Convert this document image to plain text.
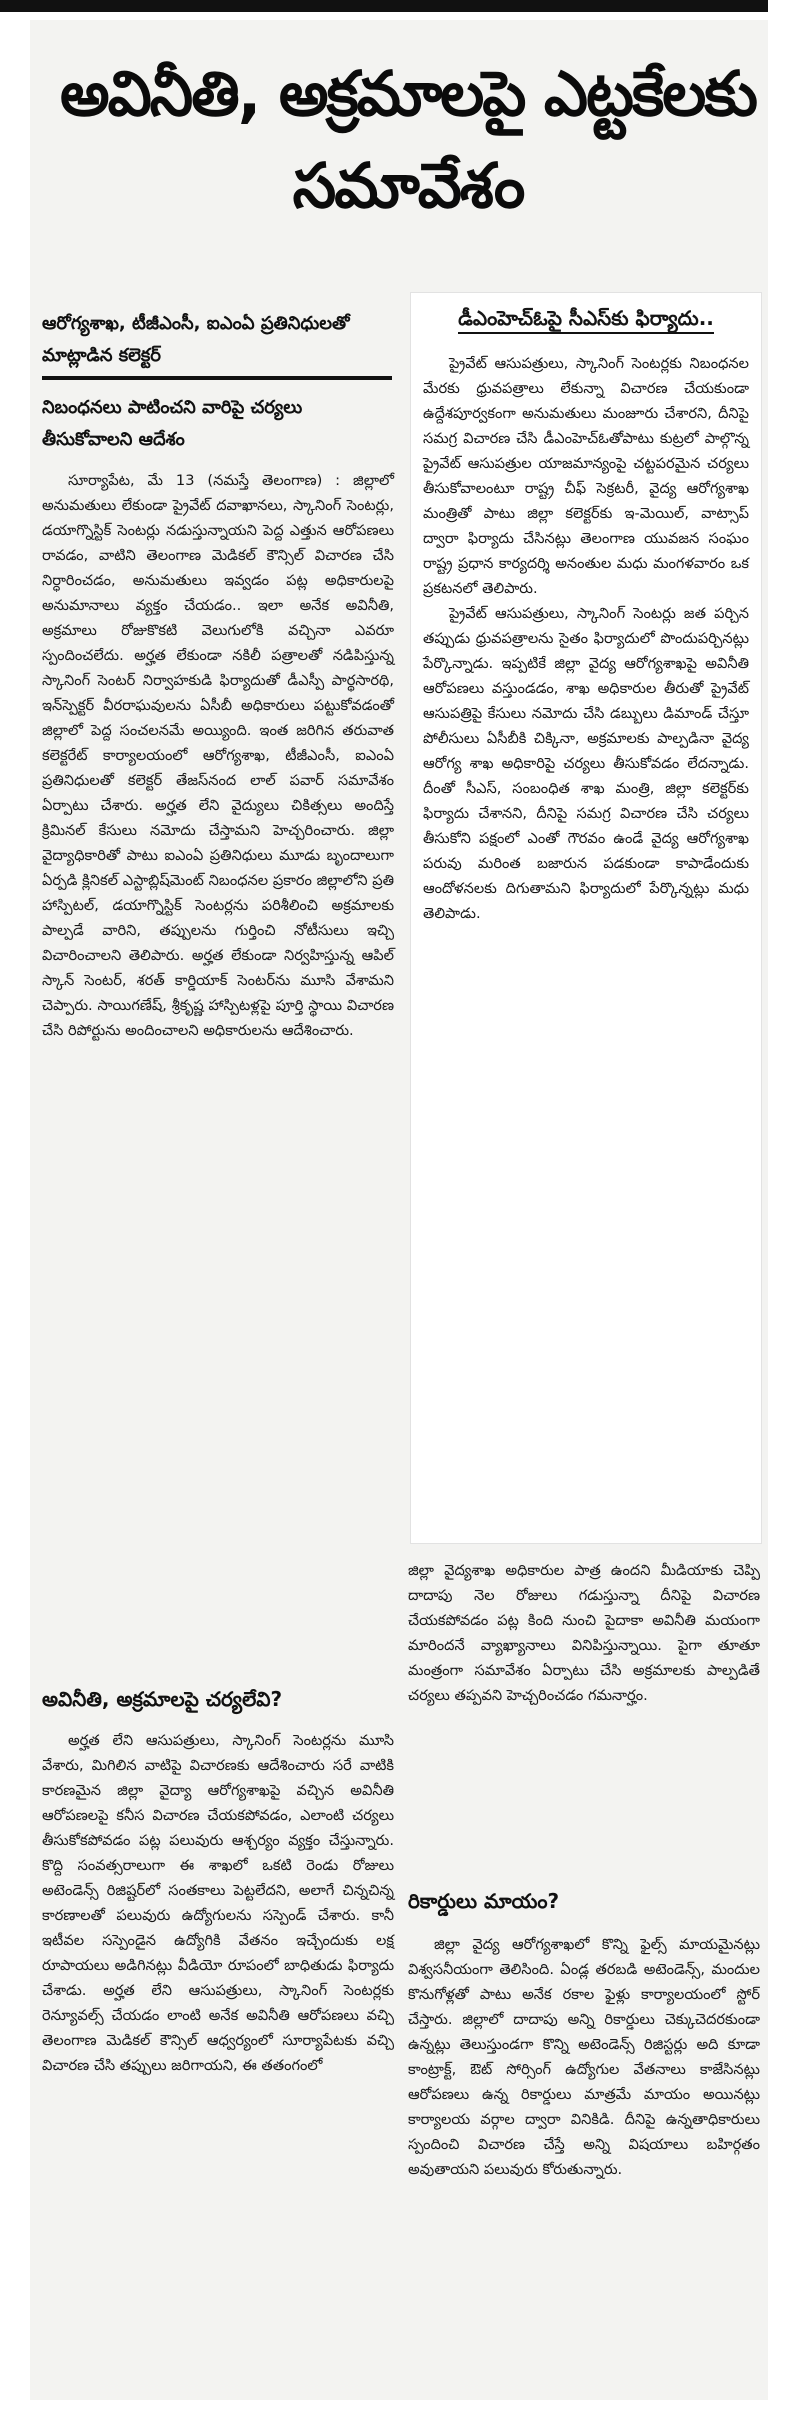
అవినీతి, అక్రమాలపై ఎట్టకేలకు సమావేశం
ఆరోగ్యశాఖ, టీజీఎంసీ, ఐఎంఏ ప్రతినిధులతో మాట్లాడిన కలెక్టర్
నిబంధనలు పాటించని వారిపై చర్యలు తీసుకోవాలని ఆదేశం

సూర్యాపేట, మే 13 (నమస్తే తెలంగాణ) : జిల్లాలో అనుమతులు లేకుండా ప్రైవేట్ దవాఖానలు, స్కానింగ్ సెంటర్లు, డయాగ్నొస్టిక్ సెంటర్లు నడుస్తున్నాయని పెద్ద ఎత్తున ఆరోపణలు రావడం, వాటిని తెలంగాణ మెడికల్ కౌన్సిల్ విచారణ చేసి నిర్ధారించడం, అనుమతులు ఇవ్వడం పట్ల అధికారులపై అనుమానాలు వ్యక్తం చేయడం.. ఇలా అనేక అవినీతి, అక్రమాలు రోజుకొకటి వెలుగులోకి వచ్చినా ఎవరూ స్పందించలేదు. అర్హత లేకుండా నకిలీ పత్రాలతో నడిపిస్తున్న స్కానింగ్ సెంటర్ నిర్వాహకుడి ఫిర్యాదుతో డీఎస్పీ పార్థసారథి, ఇన్‌స్పెక్టర్ వీరరాఘవులను ఏసీబీ అధికారులు పట్టుకోవడంతో జిల్లాలో పెద్ద సంచలనమే అయ్యింది. ఇంత జరిగిన తరువాత కలెక్టరేట్ కార్యాలయంలో ఆరోగ్యశాఖ, టీజీఎంసీ, ఐఎంఏ ప్రతినిధులతో కలెక్టర్ తేజస్‌నంద లాల్ పవార్ సమావేశం ఏర్పాటు చేశారు. అర్హత లేని వైద్యులు చికిత్సలు అందిస్తే క్రిమినల్ కేసులు నమోదు చేస్తామని హెచ్చరించారు. జిల్లా వైద్యాధికారితో పాటు ఐఎంఏ ప్రతినిధులు మూడు బృందాలుగా ఏర్పడి క్లినికల్ ఎస్టాబ్లిష్‌మెంట్ నిబంధనల ప్రకారం జిల్లాలోని ప్రతి హాస్పిటల్, డయాగ్నొస్టిక్ సెంటర్లను పరిశీలించి అక్రమాలకు పాల్పడే వారిని, తప్పులను గుర్తించి నోటీసులు ఇచ్చి విచారించాలని తెలిపారు. అర్హత లేకుండా నిర్వహిస్తున్న ఆపిల్ స్కాన్ సెంటర్, శరత్ కార్డియాక్ సెంటర్‌ను మూసి వేశామని చెప్పారు. సాయిగణేష్, శ్రీకృష్ణ హాస్పిటళ్లపై పూర్తి స్థాయి విచారణ చేసి రిపోర్టును అందించాలని అధికారులను ఆదేశించారు.

అవినీతి, అక్రమాలపై చర్యలేవి?

అర్హత లేని ఆసుపత్రులు, స్కానింగ్ సెంటర్లను మూసి వేశారు, మిగిలిన వాటిపై విచారణకు ఆదేశించారు సరే వాటికి కారణమైన జిల్లా వైద్యా ఆరోగ్యశాఖపై వచ్చిన అవినీతి ఆరోపణలపై కనీస విచారణ చేయకపోవడం, ఎలాంటి చర్యలు తీసుకోకపోవడం పట్ల పలువురు ఆశ్చర్యం వ్యక్తం చేస్తున్నారు. కొద్ది సంవత్సరాలుగా ఈ శాఖలో ఒకటి రెండు రోజులు అటెండెన్స్ రిజిష్టర్‌లో సంతకాలు పెట్టలేదని, అలాగే చిన్నచిన్న కారణాలతో పలువురు ఉద్యోగులను సస్పెండ్ చేశారు. కానీ ఇటీవల సస్పెండైన ఉద్యోగికి వేతనం ఇచ్చేందుకు లక్ష రూపాయలు అడిగినట్లు వీడియో రూపంలో బాధితుడు ఫిర్యాదు చేశాడు. అర్హత లేని ఆసుపత్రులు, స్కానింగ్ సెంటర్లకు రెన్యూవల్స్ చేయడం లాంటి అనేక అవినీతి ఆరోపణలు వచ్చి తెలంగాణ మెడికల్ కౌన్సిల్ ఆధ్వర్యంలో సూర్యాపేటకు వచ్చి విచారణ చేసి తప్పులు జరిగాయని, ఈ తతంగంలో

డీఎంహెచ్ఓపై సీఎస్‌కు ఫిర్యాదు..

ప్రైవేట్ ఆసుపత్రులు, స్కానింగ్ సెంటర్లకు నిబంధనల మేరకు ధ్రువపత్రాలు లేకున్నా విచారణ చేయకుండా ఉద్దేశపూర్వకంగా అనుమతులు మంజూరు చేశారని, దీనిపై సమగ్ర విచారణ చేసి డీఎంహెచ్ఓతోపాటు కుట్రలో పాల్గొన్న ప్రైవేట్ ఆసుపత్రుల యాజమాన్యంపై చట్టపరమైన చర్యలు తీసుకోవాలంటూ రాష్ట్ర చీఫ్ సెక్రటరీ, వైద్య ఆరోగ్యశాఖ మంత్రితో పాటు జిల్లా కలెక్టర్‌కు ఇ-మెయిల్, వాట్సాప్ ద్వారా ఫిర్యాదు చేసినట్లు తెలంగాణ యువజన సంఘం రాష్ట్ర ప్రధాన కార్యదర్శి అనంతుల మధు మంగళవారం ఒక ప్రకటనలో తెలిపారు.

ప్రైవేట్ ఆసుపత్రులు, స్కానింగ్ సెంటర్లు జత పర్చిన తప్పుడు ధ్రువపత్రాలను సైతం ఫిర్యాదులో పొందుపర్చినట్లు పేర్కొన్నాడు. ఇప్పటికే జిల్లా వైద్య ఆరోగ్యశాఖపై అవినీతి ఆరోపణలు వస్తుండడం, శాఖ అధికారుల తీరుతో ప్రైవేట్ ఆసుపత్రిపై కేసులు నమోదు చేసి డబ్బులు డిమాండ్ చేస్తూ పోలీసులు ఏసీబీకి చిక్కినా, అక్రమాలకు పాల్పడినా వైద్య ఆరోగ్య శాఖ అధికారిపై చర్యలు తీసుకోవడం లేదన్నాడు. దీంతో సీఎస్, సంబంధిత శాఖ మంత్రి, జిల్లా కలెక్టర్‌కు ఫిర్యాదు చేశానని, దీనిపై సమగ్ర విచారణ చేసి చర్యలు తీసుకోని పక్షంలో ఎంతో గౌరవం ఉండే వైద్య ఆరోగ్యశాఖ పరువు మరింత బజారున పడకుండా కాపాడేందుకు ఆందోళనలకు దిగుతామని ఫిర్యాదులో పేర్కొన్నట్లు మధు తెలిపాడు.

జిల్లా వైద్యశాఖ అధికారుల పాత్ర ఉందని మీడియాకు చెప్పి దాదాపు నెల రోజులు గడుస్తున్నా దీనిపై విచారణ చేయకపోవడం పట్ల కింది నుంచి పైదాకా అవినీతి మయంగా మారిందనే వ్యాఖ్యానాలు వినిపిస్తున్నాయి. పైగా తూతూ మంత్రంగా సమావేశం ఏర్పాటు చేసి అక్రమాలకు పాల్పడితే చర్యలు తప్పవని హెచ్చరించడం గమనార్హం.

రికార్డులు మాయం?

జిల్లా వైద్య ఆరోగ్యశాఖలో కొన్ని ఫైల్స్ మాయమైనట్లు విశ్వసనీయంగా తెలిసింది. ఏండ్ల తరబడి అటెండెన్స్, మందుల కొనుగోళ్లతో పాటు అనేక రకాల ఫైళ్లు కార్యాలయంలో స్టోర్ చేస్తారు. జిల్లాలో దాదాపు అన్ని రికార్డులు చెక్కుచెదరకుండా ఉన్నట్లు తెలుస్తుండగా కొన్ని అటెండెన్స్ రిజిస్టర్లు అది కూడా కాంట్రాక్ట్, ఔట్ సోర్సింగ్ ఉద్యోగుల వేతనాలు కాజేసినట్లు ఆరోపణలు ఉన్న రికార్డులు మాత్రమే మాయం అయినట్లు కార్యాలయ వర్గాల ద్వారా వినికిడి. దీనిపై ఉన్నతాధికారులు స్పందించి విచారణ చేస్తే అన్ని విషయాలు బహిర్గతం అవుతాయని పలువురు కోరుతున్నారు.
